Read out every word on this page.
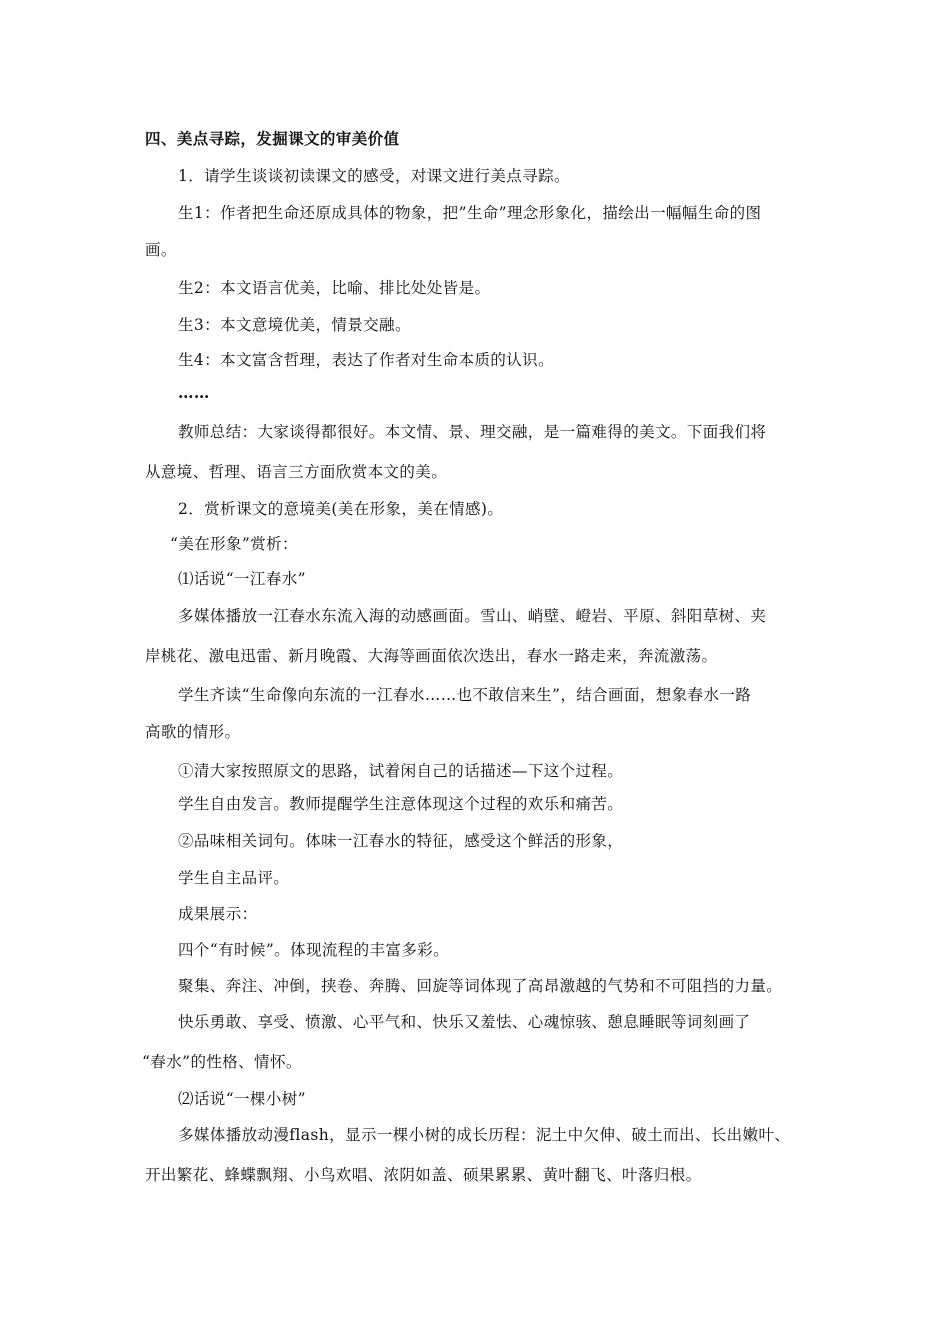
四、美点寻踪，发掘课文的审美价值
1．请学生谈谈初读课文的感受，对课文进行美点寻踪。
生1：作者把生命还原成具体的物象，把”生命”理念形象化，描绘出一幅幅生命的图
画。
生2：本文语言优美，比喻、排比处处皆是。
生3：本文意境优美，情景交融。
生4：本文富含哲理，表达了作者对生命本质的认识。
……
教师总结：大家谈得都很好。本文情、景、理交融，是一篇难得的美文。下面我们将
从意境、哲理、语言三方面欣赏本文的美。
2．赏析课文的意境美(美在形象，美在情感)。
“美在形象”赏析：
⑴话说“一江春水”
多媒体播放一江春水东流入海的动感画面。雪山、峭壁、嶝岩、平原、斜阳草树、夹
岸桃花、激电迅雷、新月晚霞、大海等画面依次迭出，春水一路走来，奔流激荡。
学生齐读“生命像向东流的一江春水……也不敢信来生”，结合画面，想象春水一路
高歌的情形。
①清大家按照原文的思路，试着闲自己的话描述—下这个过程。
学生自由发言。教师提醒学生注意体现这个过程的欢乐和痛苦。
②品味相关词句。体味一江春水的特征，感受这个鲜活的形象，
学生自主品评。
成果展示：
四个“有时候”。体现流程的丰富多彩。
聚集、奔注、冲倒，挟卷、奔腾、回旋等词体现了高昂激越的气势和不可阻挡的力量。
快乐勇敢、享受、愤激、心平气和、快乐又羞怯、心魂惊骇、憩息睡眠等词刻画了
“春水”的性格、情怀。
⑵话说“一棵小树”
多媒体播放动漫flash，显示一棵小树的成长历程：泥土中欠伸、破土而出、长出嫩叶、
开出繁花、蜂蝶飘翔、小鸟欢唱、浓阴如盖、硕果累累、黄叶翻飞、叶落归根。
